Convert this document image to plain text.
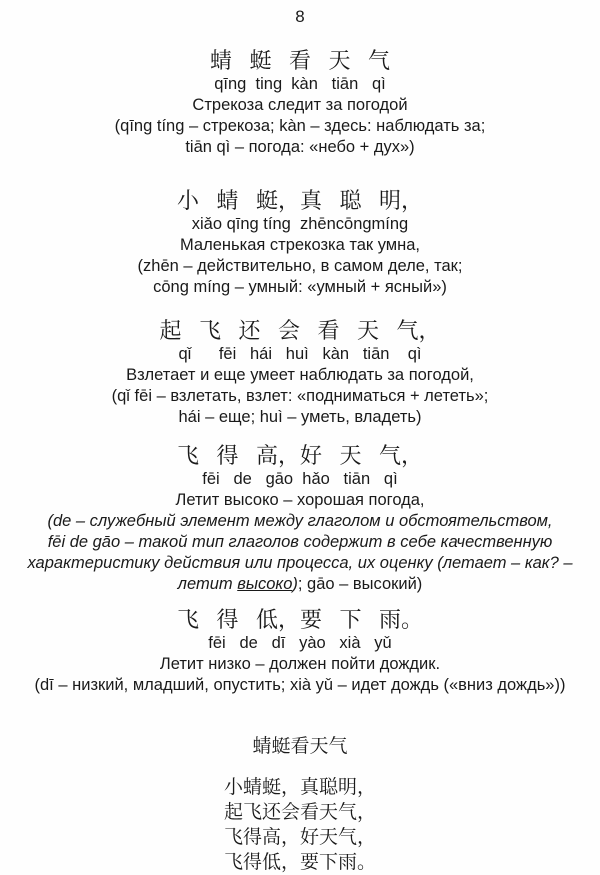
8
蜻 蜓 看 天 气
qīng  ting  kàn   tiān   qì
Стрекоза следит за погодой
(qīng tíng – стрекоза; kàn – здесь: наблюдать за;
tiān qì – погода: «небо + дух»)
小 蜻 蜓，真 聪 明，
xiǎo qīng tíng  zhēncōngmíng
Маленькая стрекозка так умна,
(zhēn – действительно, в самом деле, так;
cōng míng – умный: «умный + ясный»)
起 飞 还 会 看 天 气，
qǐ      fēi   hái   huì   kàn   tiān    qì
Взлетает и еще умеет наблюдать за погодой,
(qǐ fēi – взлетать, взлет: «подниматься + лететь»;
hái – еще; huì – уметь, владеть)
飞 得 高，好 天 气，
fēi   de   gāo  hǎo   tiān   qì
Летит высоко – хорошая погода,
(de – служебный элемент между глаголом и обстоятельством,
fēi de gāo – такой тип глаголов содержит в себе качественную
характеристику действия или процесса, их оценку (летает – как? –
летит высоко); gāo – высокий)
飞 得 低，要 下 雨。
fēi   de   dī   yào   xià   yǔ
Летит низко – должен пойти дождик.
(dī – низкий, младший, опустить; xià yǔ – идет дождь («вниз дождь»))
蜻蜓看天气
小蜻蜓，真聪明，
起飞还会看天气，
飞得高，好天气，
飞得低，要下雨。
